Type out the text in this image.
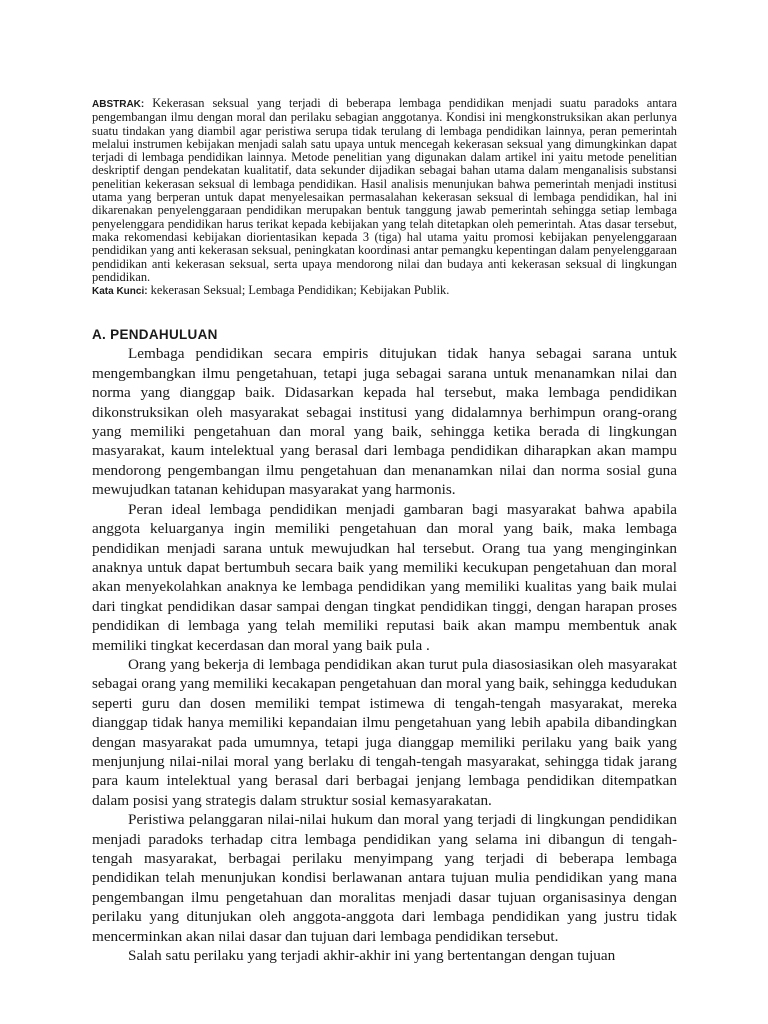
ABSTRAK: Kekerasan seksual yang terjadi di beberapa lembaga pendidikan menjadi suatu paradoks antara pengembangan ilmu dengan moral dan perilaku sebagian anggotanya. Kondisi ini mengkonstruksikan akan perlunya suatu tindakan yang diambil agar peristiwa serupa tidak terulang di lembaga pendidikan lainnya, peran pemerintah melalui instrumen kebijakan menjadi salah satu upaya untuk mencegah kekerasan seksual yang dimungkinkan dapat terjadi di lembaga pendidikan lainnya. Metode penelitian yang digunakan dalam artikel ini yaitu metode penelitian deskriptif dengan pendekatan kualitatif, data sekunder dijadikan sebagai bahan utama dalam menganalisis substansi penelitian kekerasan seksual di lembaga pendidikan. Hasil analisis menunjukan bahwa pemerintah menjadi institusi utama yang berperan untuk dapat menyelesaikan permasalahan kekerasan seksual di lembaga pendidikan, hal ini dikarenakan penyelenggaraan pendidikan merupakan bentuk tanggung jawab pemerintah sehingga setiap lembaga penyelenggara pendidikan harus terikat kepada kebijakan yang telah ditetapkan oleh pemerintah. Atas dasar tersebut, maka rekomendasi kebijakan diorientasikan kepada 3 (tiga) hal utama yaitu promosi kebijakan penyelenggaraan pendidikan yang anti kekerasan seksual, peningkatan koordinasi antar pemangku kepentingan dalam penyelenggaraan pendidikan anti kekerasan seksual, serta upaya mendorong nilai dan budaya anti kekerasan seksual di lingkungan pendidikan.

Kata Kunci: kekerasan Seksual; Lembaga Pendidikan; Kebijakan Publik.

A. PENDAHULUAN

Lembaga pendidikan secara empiris ditujukan tidak hanya sebagai sarana untuk mengembangkan ilmu pengetahuan, tetapi juga sebagai sarana untuk menanamkan nilai dan norma yang dianggap baik. Didasarkan kepada hal tersebut, maka lembaga pendidikan dikonstruksikan oleh masyarakat sebagai institusi yang didalamnya berhimpun orang-orang yang memiliki pengetahuan dan moral yang baik, sehingga ketika berada di lingkungan masyarakat, kaum intelektual yang berasal dari lembaga pendidikan diharapkan akan mampu mendorong pengembangan ilmu pengetahuan dan menanamkan nilai dan norma sosial guna mewujudkan tatanan kehidupan masyarakat yang harmonis.

Peran ideal lembaga pendidikan menjadi gambaran bagi masyarakat bahwa apabila anggota keluarganya ingin memiliki pengetahuan dan moral yang baik, maka lembaga pendidikan menjadi sarana untuk mewujudkan hal tersebut. Orang tua yang menginginkan anaknya untuk dapat bertumbuh secara baik yang memiliki kecukupan pengetahuan dan moral akan menyekolahkan anaknya ke lembaga pendidikan yang memiliki kualitas yang baik mulai dari tingkat pendidikan dasar sampai dengan tingkat pendidikan tinggi, dengan harapan proses pendidikan di lembaga yang telah memiliki reputasi baik akan mampu membentuk anak memiliki tingkat kecerdasan dan moral yang baik pula .

Orang yang bekerja di lembaga pendidikan akan turut pula diasosiasikan oleh masyarakat sebagai orang yang memiliki kecakapan pengetahuan dan moral yang baik, sehingga kedudukan seperti guru dan dosen memiliki tempat istimewa di tengah-tengah masyarakat, mereka dianggap tidak hanya memiliki kepandaian ilmu pengetahuan yang lebih apabila dibandingkan dengan masyarakat pada umumnya, tetapi juga dianggap memiliki perilaku yang baik yang menjunjung nilai-nilai moral yang berlaku di tengah-tengah masyarakat, sehingga tidak jarang para kaum intelektual yang berasal dari berbagai jenjang lembaga pendidikan ditempatkan dalam posisi yang strategis dalam struktur sosial kemasyarakatan.

Peristiwa pelanggaran nilai-nilai hukum dan moral yang terjadi di lingkungan pendidikan menjadi paradoks terhadap citra lembaga pendidikan yang selama ini dibangun di tengah-tengah masyarakat, berbagai perilaku menyimpang yang terjadi di beberapa lembaga pendidikan telah menunjukan kondisi berlawanan antara tujuan mulia pendidikan yang mana pengembangan ilmu pengetahuan dan moralitas menjadi dasar tujuan organisasinya dengan perilaku yang ditunjukan oleh anggota-anggota dari lembaga pendidikan yang justru tidak mencerminkan akan nilai dasar dan tujuan dari lembaga pendidikan tersebut.

Salah satu perilaku yang terjadi akhir-akhir ini yang bertentangan dengan tujuan
